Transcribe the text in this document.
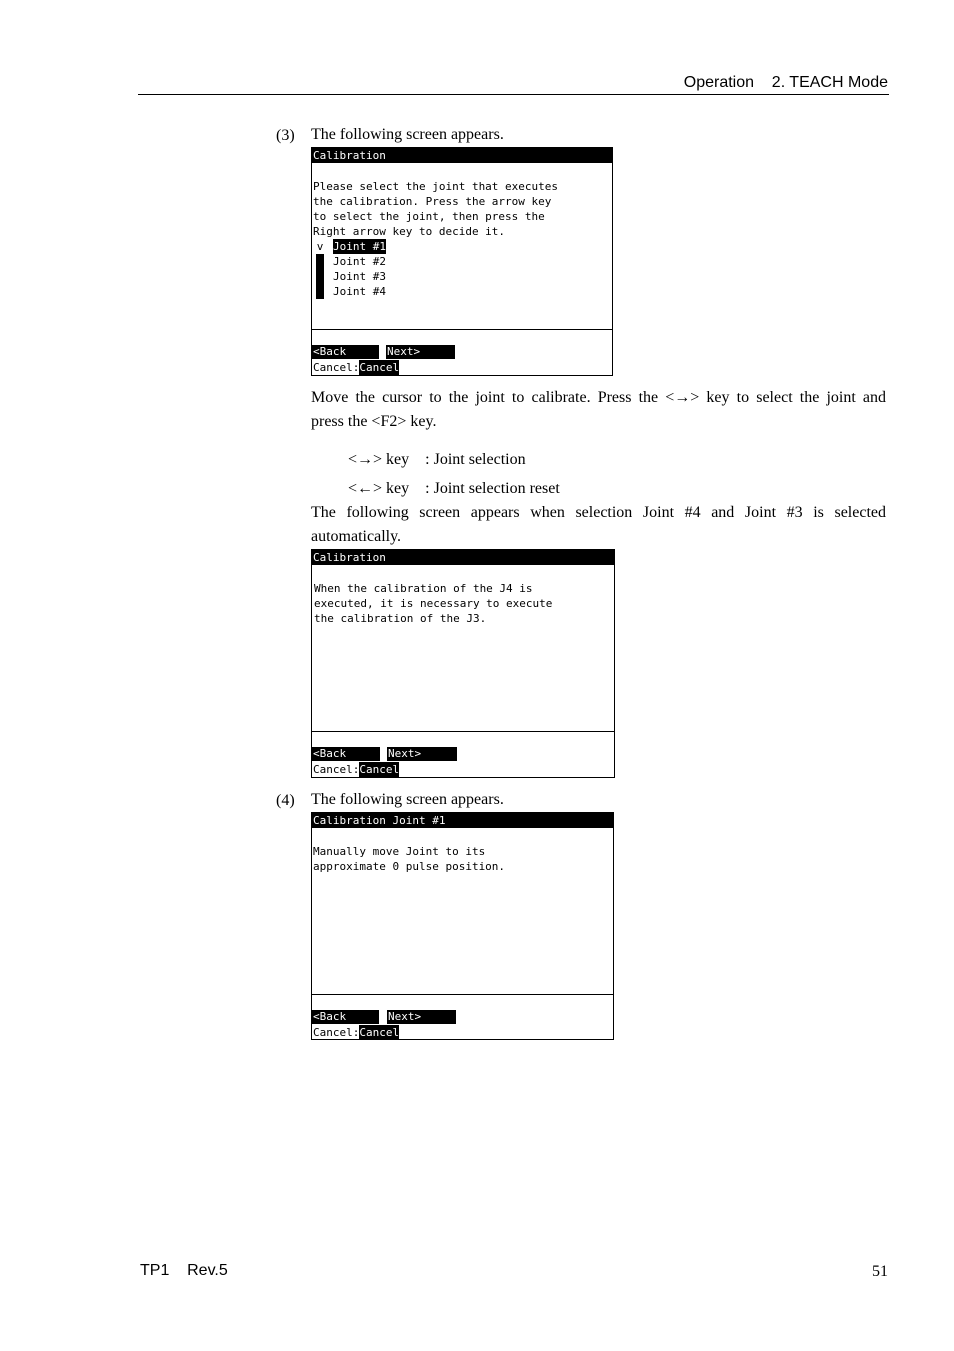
Operation    2. TEACH Mode
(3) The following screen appears.
Calibration
Please select the joint that executes
the calibration. Press the arrow key
to select the joint, then press the
Right arrow key to decide it.
v Joint #1
Joint #2
Joint #3
Joint #4
<Back	Next>
Cancel:Cancel
Move the cursor to the joint to calibrate. Press the <→> key to select the joint and
press the <F2> key.
<→> key    : Joint selection
<←> key    : Joint selection reset
The following screen appears when selection Joint #4 and Joint #3 is selected
automatically.
Calibration
When the calibration of the J4 is
executed, it is necessary to execute
the calibration of the J3.
<Back	Next>
Cancel:Cancel
(4) The following screen appears.
Calibration Joint #1
Manually move Joint to its
approximate 0 pulse position.
<Back	Next>
Cancel:Cancel
TP1    Rev.5	51
